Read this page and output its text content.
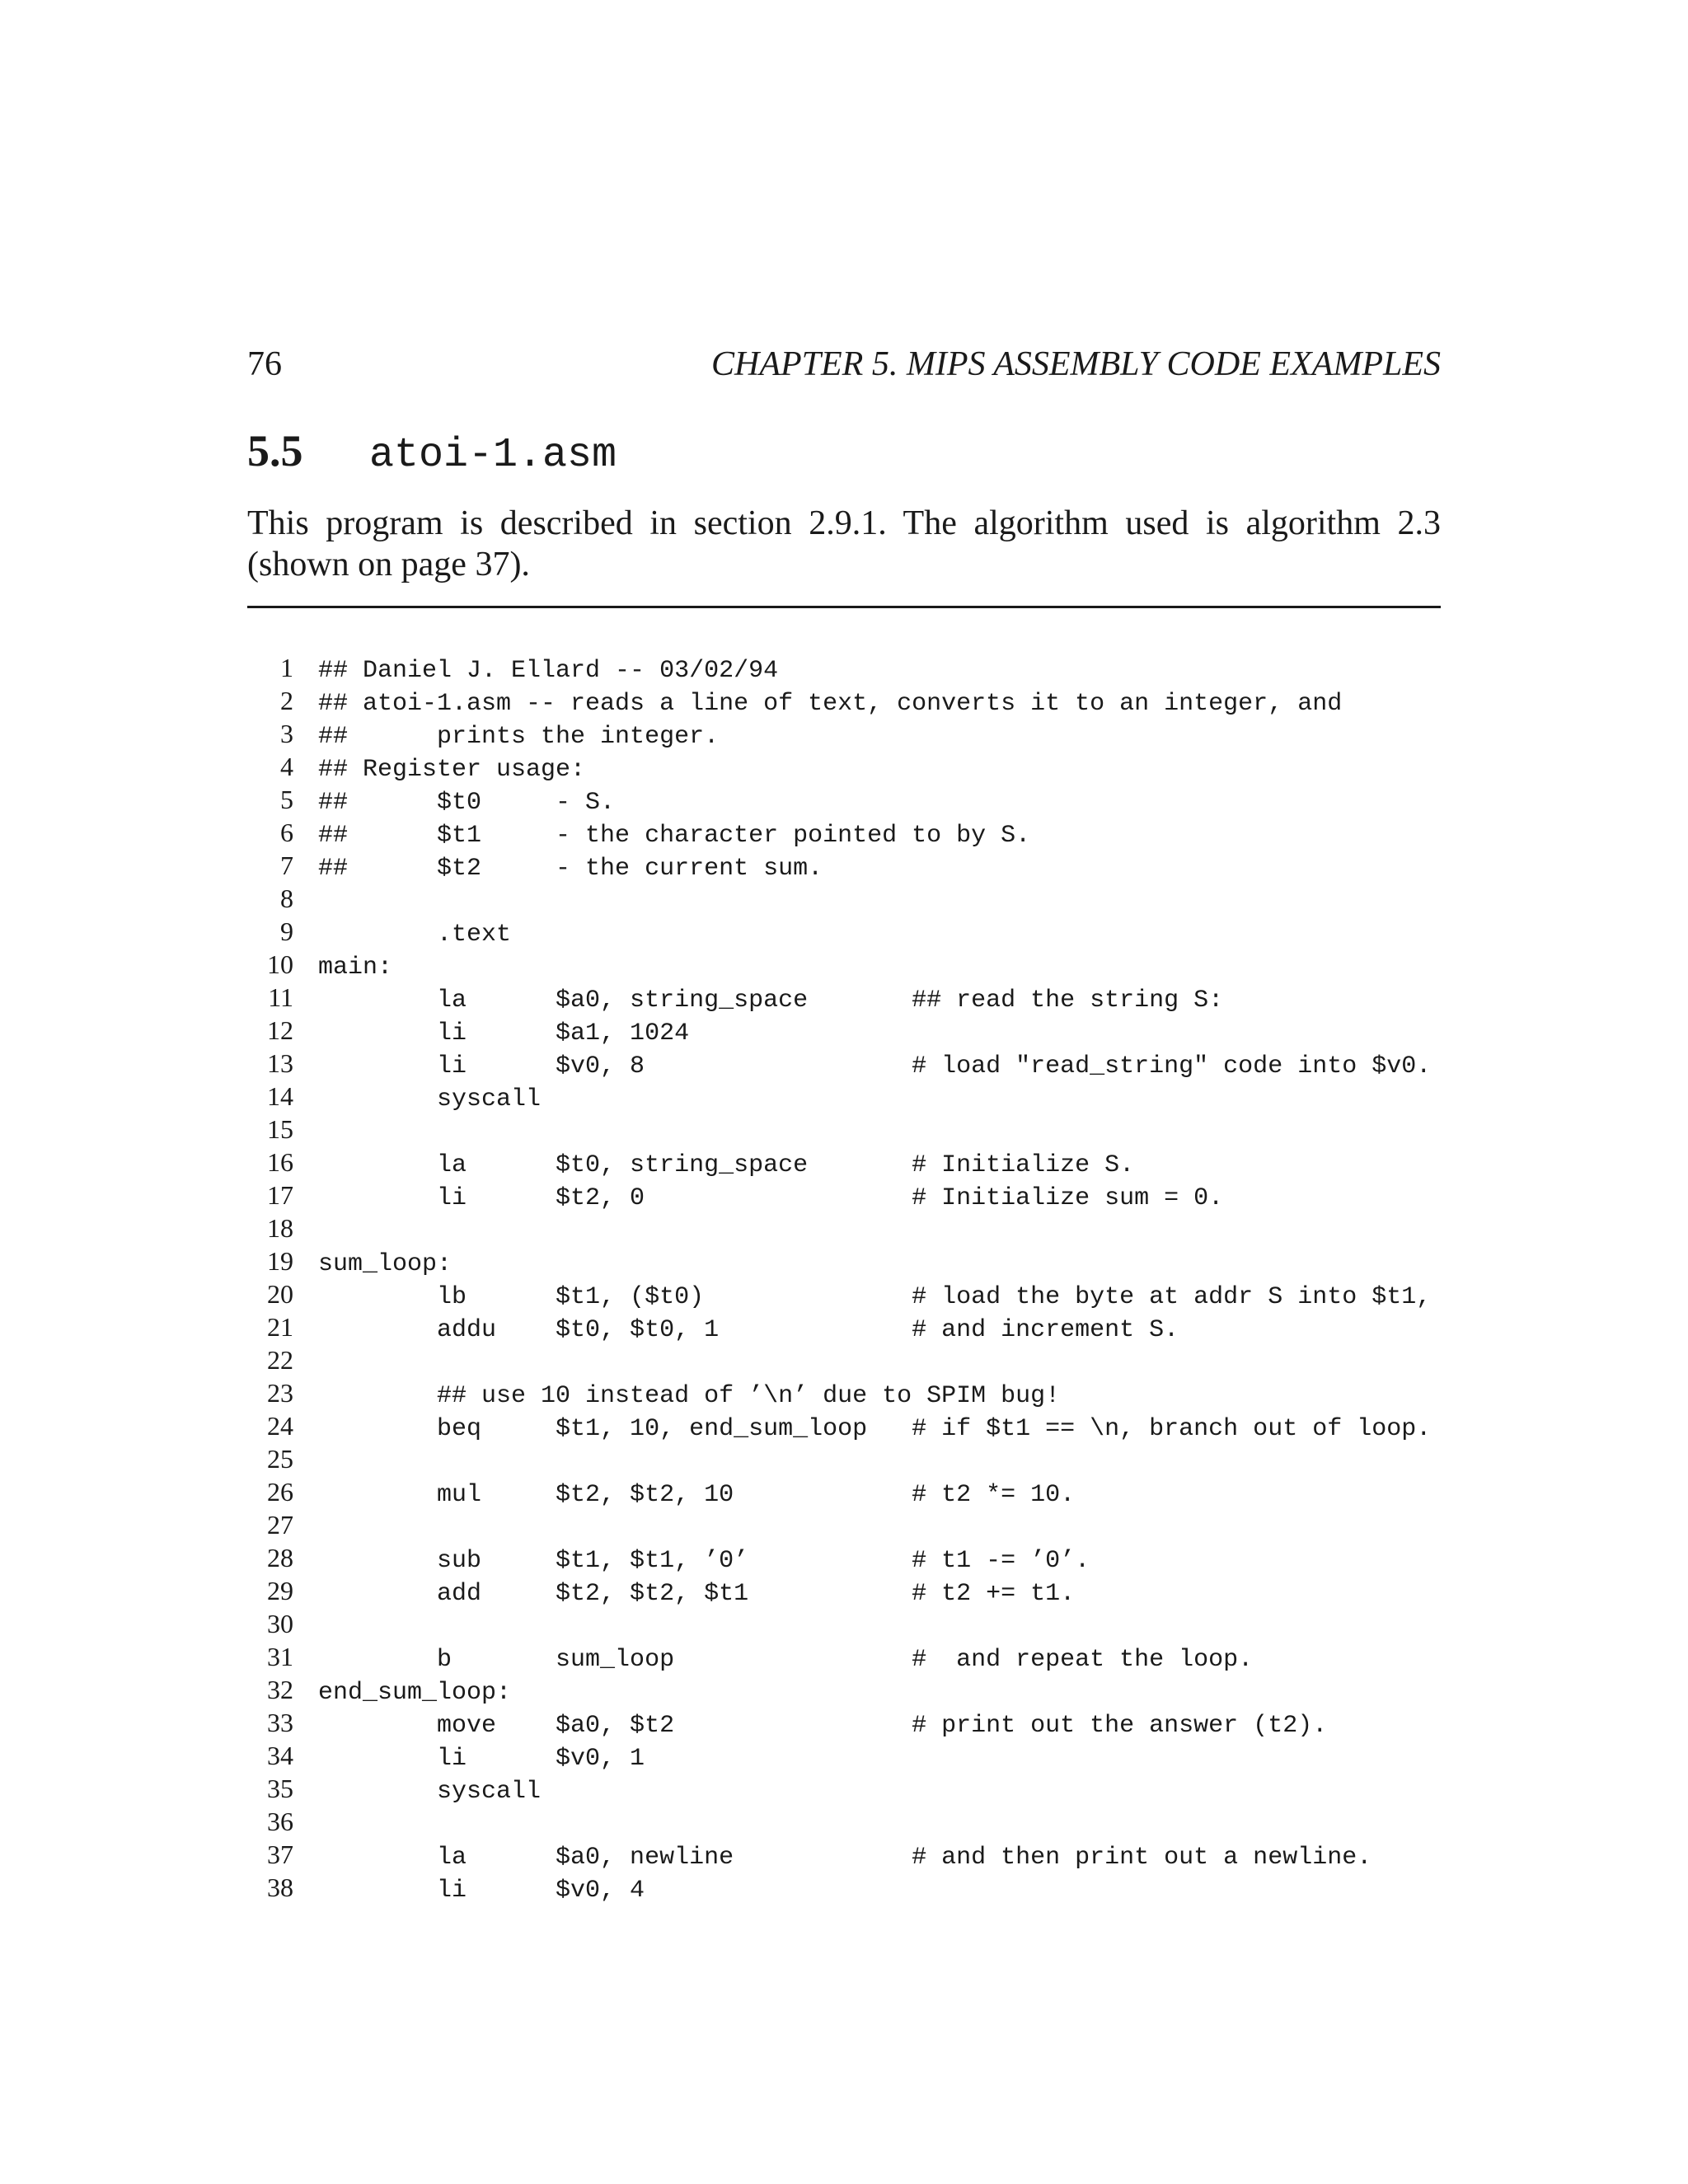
76	CHAPTER 5. MIPS ASSEMBLY CODE EXAMPLES
5.5 atoi-1.asm

This program is described in section 2.9.1. The algorithm used is algorithm 2.3 (shown on page 37).

1 ## Daniel J. Ellard -- 03/02/94
2 ## atoi-1.asm -- reads a line of text, converts it to an integer, and
3 ##      prints the integer.
4 ## Register usage:
5 ##      $t0     - S.
6 ##      $t1     - the character pointed to by S.
7 ##      $t2     - the current sum.
8
9        .text
10 main:
11        la      $a0, string_space       ## read the string S:
12        li      $a1, 1024
13        li      $v0, 8                  # load "read_string" code into $v0.
14        syscall
15
16        la      $t0, string_space       # Initialize S.
17        li      $t2, 0                  # Initialize sum = 0.
18
19 sum_loop:
20        lb      $t1, ($t0)              # load the byte at addr S into $t1,
21        addu    $t0, $t0, 1             # and increment S.
22
23        ## use 10 instead of ’\n’ due to SPIM bug!
24        beq     $t1, 10, end_sum_loop   # if $t1 == \n, branch out of loop.
25
26        mul     $t2, $t2, 10            # t2 *= 10.
27
28        sub     $t1, $t1, ’0’           # t1 -= ’0’.
29        add     $t2, $t2, $t1           # t2 += t1.
30
31        b       sum_loop                #  and repeat the loop.
32 end_sum_loop:
33        move    $a0, $t2                # print out the answer (t2).
34        li      $v0, 1
35        syscall
36
37        la      $a0, newline            # and then print out a newline.
38        li      $v0, 4
